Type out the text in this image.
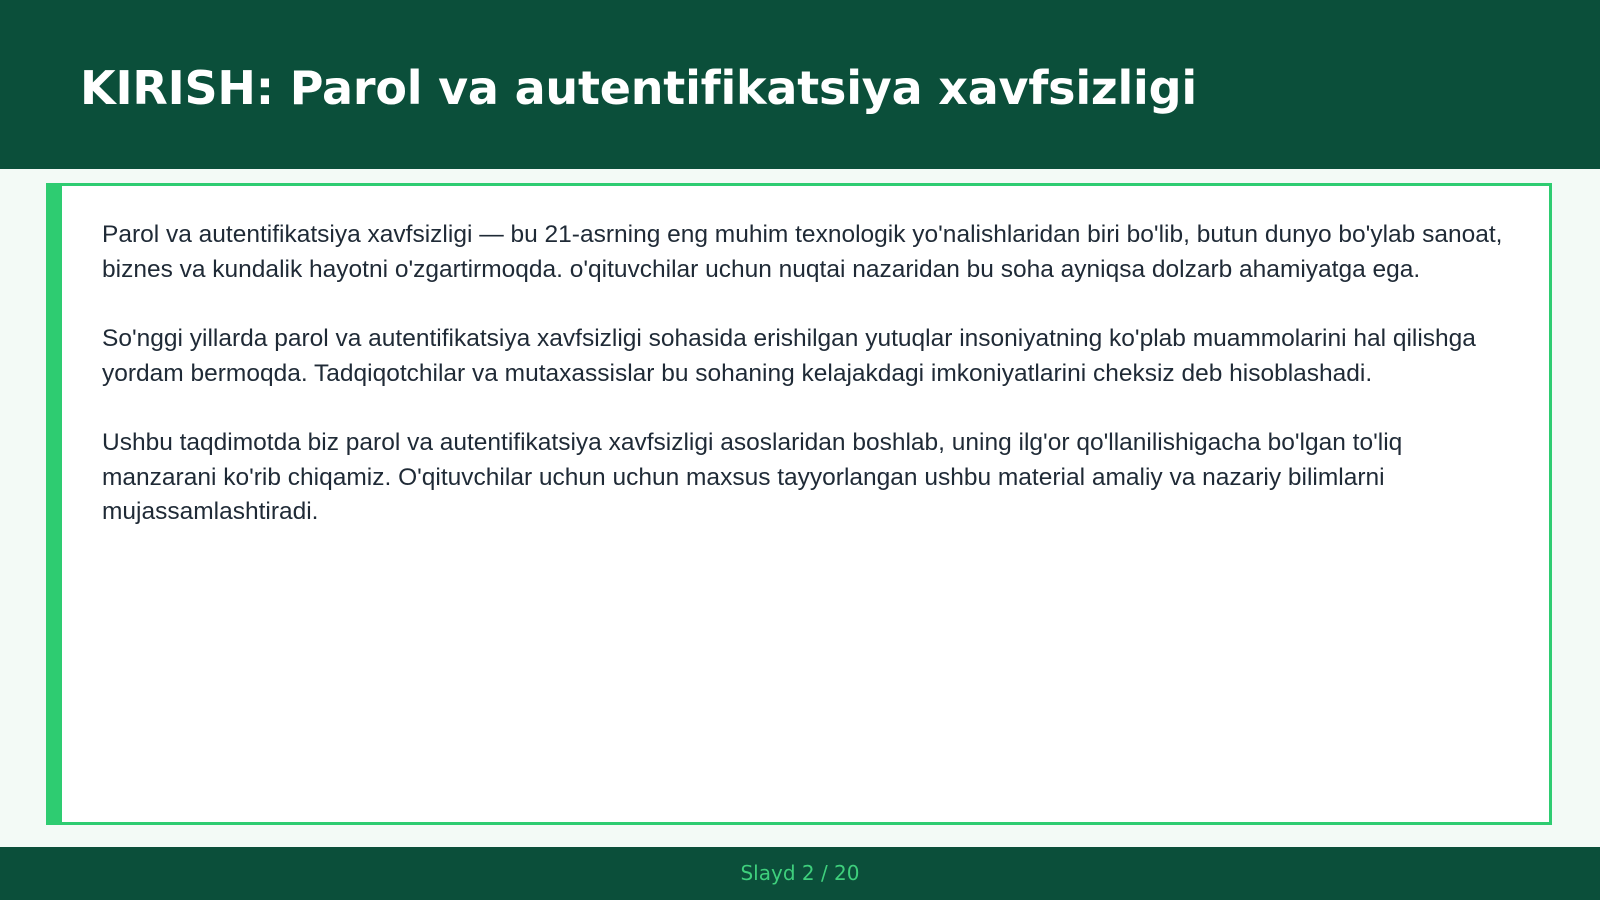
KIRISH: Parol va autentifikatsiya xavfsizligi

Parol va autentifikatsiya xavfsizligi — bu 21-asrning eng muhim texnologik yo'nalishlaridan biri bo'lib, butun dunyo bo'ylab sanoat, biznes va kundalik hayotni o'zgartirmoqda. o'qituvchilar uchun nuqtai nazaridan bu soha ayniqsa dolzarb ahamiyatga ega.

So'nggi yillarda parol va autentifikatsiya xavfsizligi sohasida erishilgan yutuqlar insoniyatning ko'plab muammolarini hal qilishga yordam bermoqda. Tadqiqotchilar va mutaxassislar bu sohaning kelajakdagi imkoniyatlarini cheksiz deb hisoblashadi.

Ushbu taqdimotda biz parol va autentifikatsiya xavfsizligi asoslaridan boshlab, uning ilg'or qo'llanilishigacha bo'lgan to'liq manzarani ko'rib chiqamiz. O'qituvchilar uchun uchun maxsus tayyorlangan ushbu material amaliy va nazariy bilimlarni mujassamlashtiradi.

Slayd 2 / 20
